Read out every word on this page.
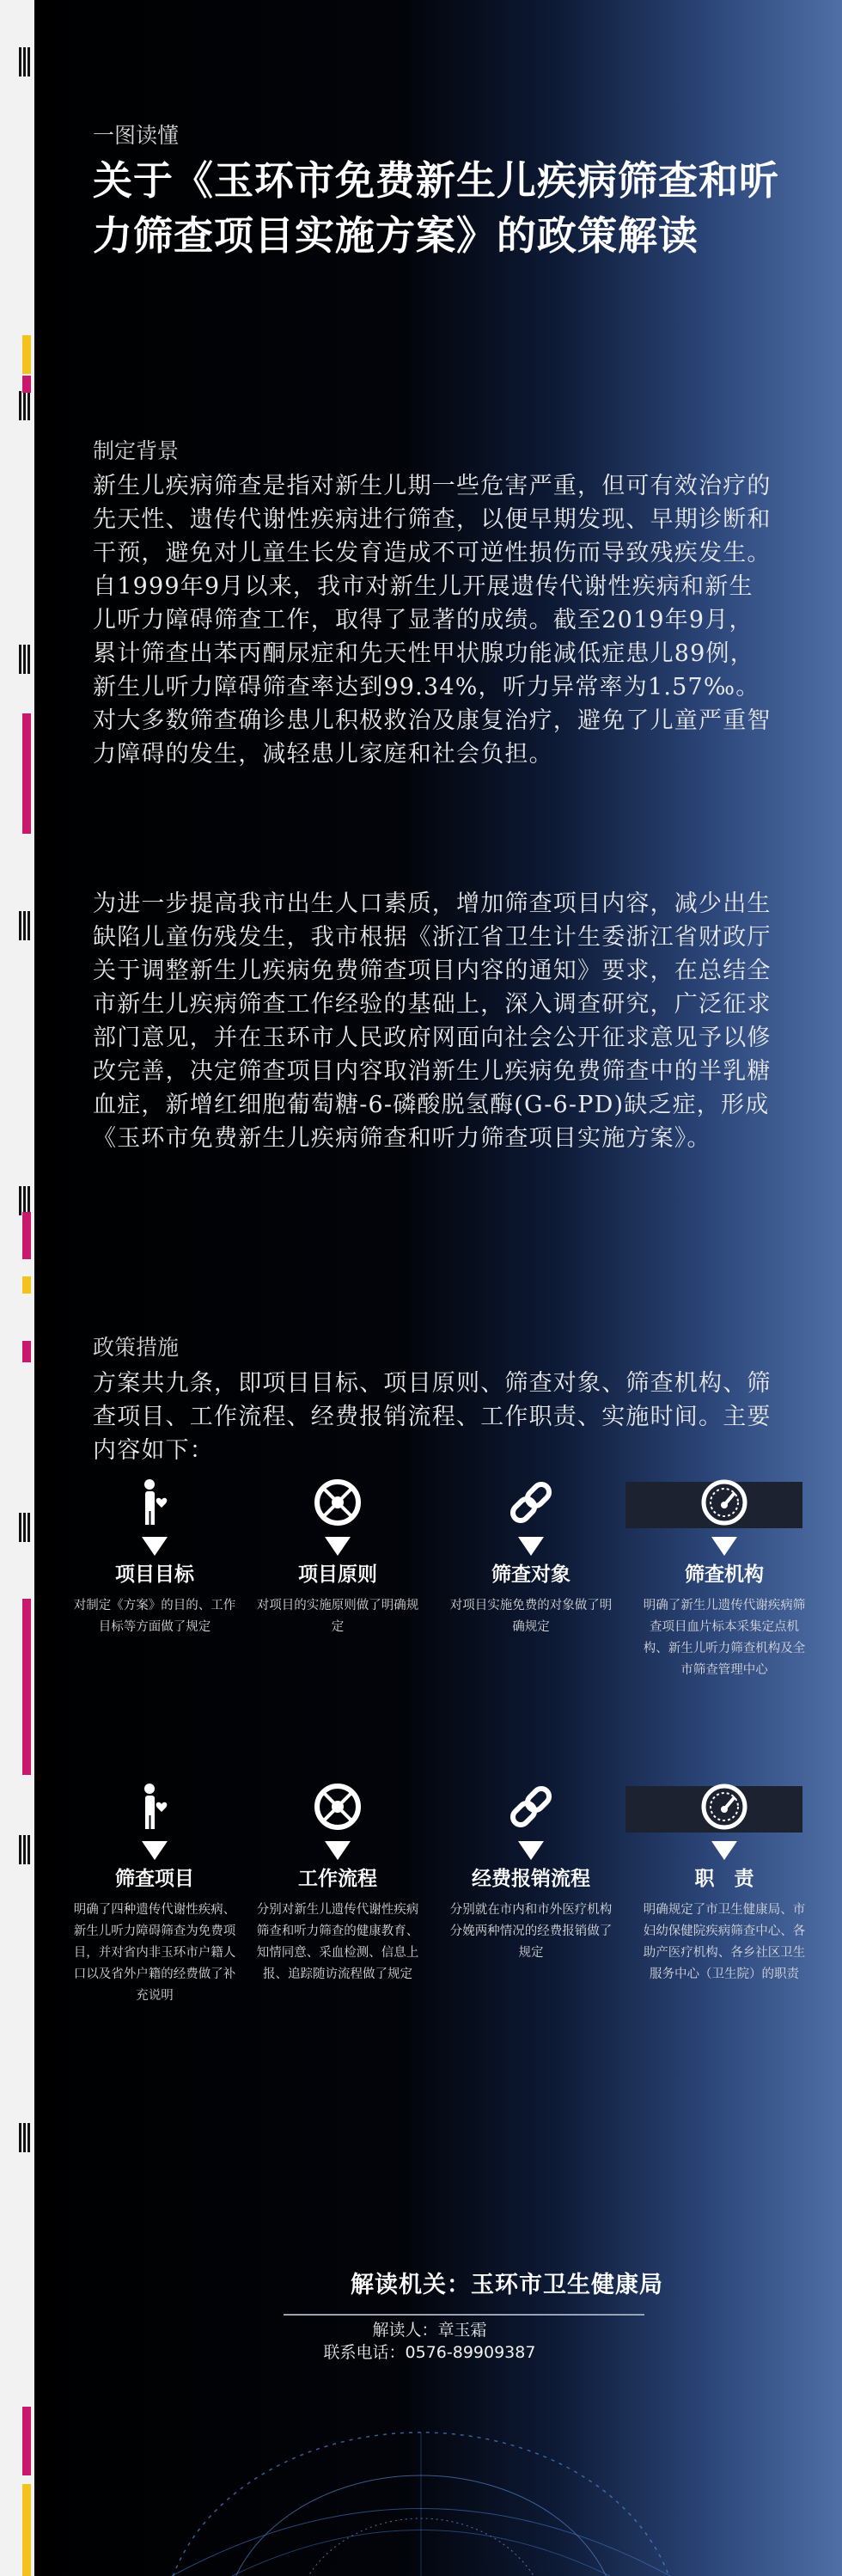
一图读懂
关于《玉环市免费新生儿疾病筛查和听力筛查项目实施方案》的政策解读
制定背景

新生儿疾病筛查是指对新生儿期一些危害严重，但可有效治疗的先天性、遗传代谢性疾病进行筛查，以便早期发现、早期诊断和干预，避免对儿童生长发育造成不可逆性损伤而导致残疾发生。自1999年9月以来，我市对新生儿开展遗传代谢性疾病和新生儿听力障碍筛查工作，取得了显著的成绩。截至2019年9月，累计筛查出苯丙酮尿症和先天性甲状腺功能减低症患儿89例，新生儿听力障碍筛查率达到99.34%，听力异常率为1.57‰。对大多数筛查确诊患儿积极救治及康复治疗，避免了儿童严重智力障碍的发生，减轻患儿家庭和社会负担。

为进一步提高我市出生人口素质，增加筛查项目内容，减少出生缺陷儿童伤残发生，我市根据《浙江省卫生计生委浙江省财政厅关于调整新生儿疾病免费筛查项目内容的通知》要求，在总结全市新生儿疾病筛查工作经验的基础上，深入调查研究，广泛征求部门意见，并在玉环市人民政府网面向社会公开征求意见予以修改完善，决定筛查项目内容取消新生儿疾病免费筛查中的半乳糖血症，新增红细胞葡萄糖-6-磷酸脱氢酶(G-6-PD)缺乏症，形成《玉环市免费新生儿疾病筛查和听力筛查项目实施方案》。

政策措施

方案共九条，即项目目标、项目原则、筛查对象、筛查机构、筛查项目、工作流程、经费报销流程、工作职责、实施时间。主要内容如下：

项目目标
对制定《方案》的目的、工作目标等方面做了规定
项目原则
对项目的实施原则做了明确规定
筛查对象
对项目实施免费的对象做了明确规定
筛查机构
明确了新生儿遗传代谢疾病筛查项目血片标本采集定点机构、新生儿听力筛查机构及全市筛查管理中心
筛查项目
明确了四种遗传代谢性疾病、新生儿听力障碍筛查为免费项目，并对省内非玉环市户籍人口以及省外户籍的经费做了补充说明
工作流程
分别对新生儿遗传代谢性疾病筛查和听力筛查的健康教育、知情同意、采血检测、信息上报、追踪随访流程做了规定
经费报销流程
分别就在市内和市外医疗机构分娩两种情况的经费报销做了规定
职　责
明确规定了市卫生健康局、市妇幼保健院疾病筛查中心、各助产医疗机构、各乡社区卫生服务中心（卫生院）的职责
解读机关：玉环市卫生健康局
解读人：章玉霜
联系电话：0576-89909387
